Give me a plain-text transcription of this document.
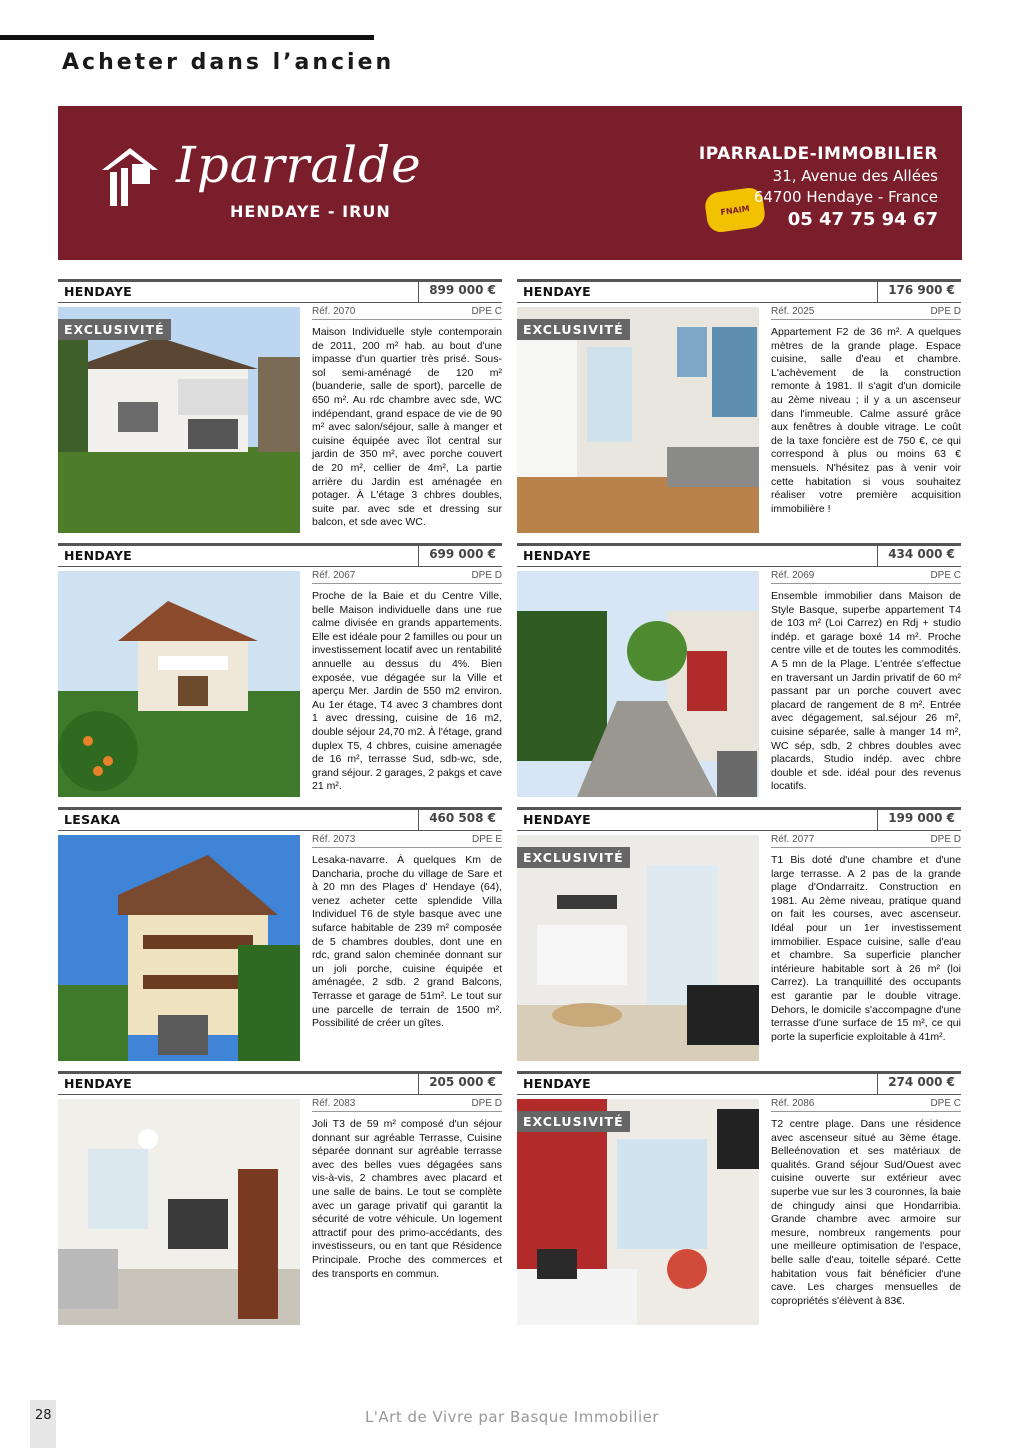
Acheter dans l’ancien
Iparralde
HENDAYE - IRUN	FNAIM
IPARRALDE-IMMOBILIER
31, Avenue des Allées
64700 Hendaye - France
05 47 75 94 67
HENDAYE	899 000 €
EXCLUSIVITÉ
Réf. 2070	DPE C
Maison Individuelle style contemporain de 2011, 200 m² hab. au bout d'une impasse d'un quartier très prisé. Sous-sol semi-aménagé de 120 m² (buanderie, salle de sport), parcelle de 650 m². Au rdc chambre avec sde, WC indépendant, grand espace de vie de 90 m² avec salon/séjour, salle à manger et cuisine équipée avec îlot central sur jardin de 350 m², avec porche couvert de 20 m², cellier de 4m², La partie arrière du Jardin est aménagée en potager. À L'étage 3 chbres doubles, suite par. avec sde et dressing sur balcon, et sde avec WC.
HENDAYE	176 900 €
EXCLUSIVITÉ
Réf. 2025	DPE D
Appartement F2 de 36 m². A quelques mètres de la grande plage. Espace cuisine, salle d'eau et chambre. L'achèvement de la construction remonte à 1981. Il s'agit d'un domicile au 2ème niveau ; il y a un ascenseur dans l'immeuble. Calme assuré grâce aux fenêtres à double vitrage. Le coût de la taxe foncière est de 750 €, ce qui correspond à plus ou moins 63 € mensuels. N'hésitez pas à venir voir cette habitation si vous souhaitez réaliser votre première acquisition immobilière !
HENDAYE	699 000 €
Réf. 2067	DPE D
Proche de la Baie et du Centre Ville, belle Maison individuelle dans une rue calme divisée en grands appartements. Elle est idéale pour 2 familles ou pour un investissement locatif avec un rentabilité annuelle au dessus du 4%. Bien exposée, vue dégagée sur la Ville et aperçu Mer. Jardin de 550 m2 environ. Au 1er étage, T4 avec 3 chambres dont 1 avec dressing, cuisine de 16 m2, double séjour 24,70 m2. À l'étage, grand duplex T5, 4 chbres, cuisine amenagée de 16 m², terrasse Sud, sdb-wc, sde, grand séjour. 2 garages, 2 pakgs et cave 21 m².
HENDAYE	434 000 €
Réf. 2069	DPE C
Ensemble immobilier dans Maison de Style Basque, superbe appartement T4 de 103 m² (Loi Carrez) en Rdj + studio indép. et garage boxé 14 m². Proche centre ville et de toutes les commodités. A 5 mn de la Plage. L'entrée s'effectue en traversant un Jardin privatif de 60 m² passant par un porche couvert avec placard de rangement de 8 m². Entrée avec dégagement, sal.séjour 26 m², cuisine séparée, salle à manger 14 m², WC sép, sdb, 2 chbres doubles avec placards, Studio indép. avec chbre double et sde. idéal pour des revenus locatifs.
LESAKA	460 508 €
Réf. 2073	DPE E
Lesaka-navarre. À quelques Km de Dancharia, proche du village de Sare et à 20 mn des Plages d' Hendaye (64), venez acheter cette splendide Villa Individuel T6 de style basque avec une sufarce habitable de 239 m² composée de 5 chambres doubles, dont une en rdc, grand salon cheminée donnant sur un joli porche, cuisine équipée et aménagée, 2 sdb. 2 grand Balcons, Terrasse et garage de 51m². Le tout sur une parcelle de terrain de 1500 m². Possibilité de créer un gîtes.
HENDAYE	199 000 €
EXCLUSIVITÉ
Réf. 2077	DPE D
T1 Bis doté d'une chambre et d'une large terrasse. A 2 pas de la grande plage d'Ondarraitz. Construction en 1981. Au 2ème niveau, pratique quand on fait les courses, avec ascenseur. Idéal pour un 1er investissement immobilier. Espace cuisine, salle d'eau et chambre. Sa superficie plancher intérieure habitable sort à 26 m² (loi Carrez). La tranquillité des occupants est garantie par le double vitrage. Dehors, le domicile s'accompagne d'une terrasse d'une surface de 15 m², ce qui porte la superficie exploitable à 41m².
HENDAYE	205 000 €
Réf. 2083	DPE D
Joli T3 de 59 m² composé d'un séjour donnant sur agréable Terrasse, Cuisine séparée donnant sur agréable terrasse avec des belles vues dégagées sans vis-à-vis, 2 chambres avec placard et une salle de bains. Le tout se complète avec un garage privatif qui garantit la sécurité de votre véhicule. Un logement attractif pour des primo-accédants, des investisseurs, ou en tant que Résidence Principale. Proche des commerces et des transports en commun.
HENDAYE	274 000 €
EXCLUSIVITÉ
Réf. 2086	DPE C
T2 centre plage. Dans une résidence avec ascenseur situé au 3ème étage. Belleénovation et ses matériaux de qualités. Grand séjour Sud/Ouest avec cuisine ouverte sur extérieur avec superbe vue sur les 3 couronnes, la baie de chingudy ainsi que Hondarribia. Grande chambre avec armoire sur mesure, nombreux rangements pour une meilleure optimisation de l'espace, belle salle d'eau, toitelle séparé. Cette habitation vous fait bénéficier d'une cave. Les charges mensuelles de copropriétés s'élèvent à 83€.
28	L'Art de Vivre par Basque Immobilier
